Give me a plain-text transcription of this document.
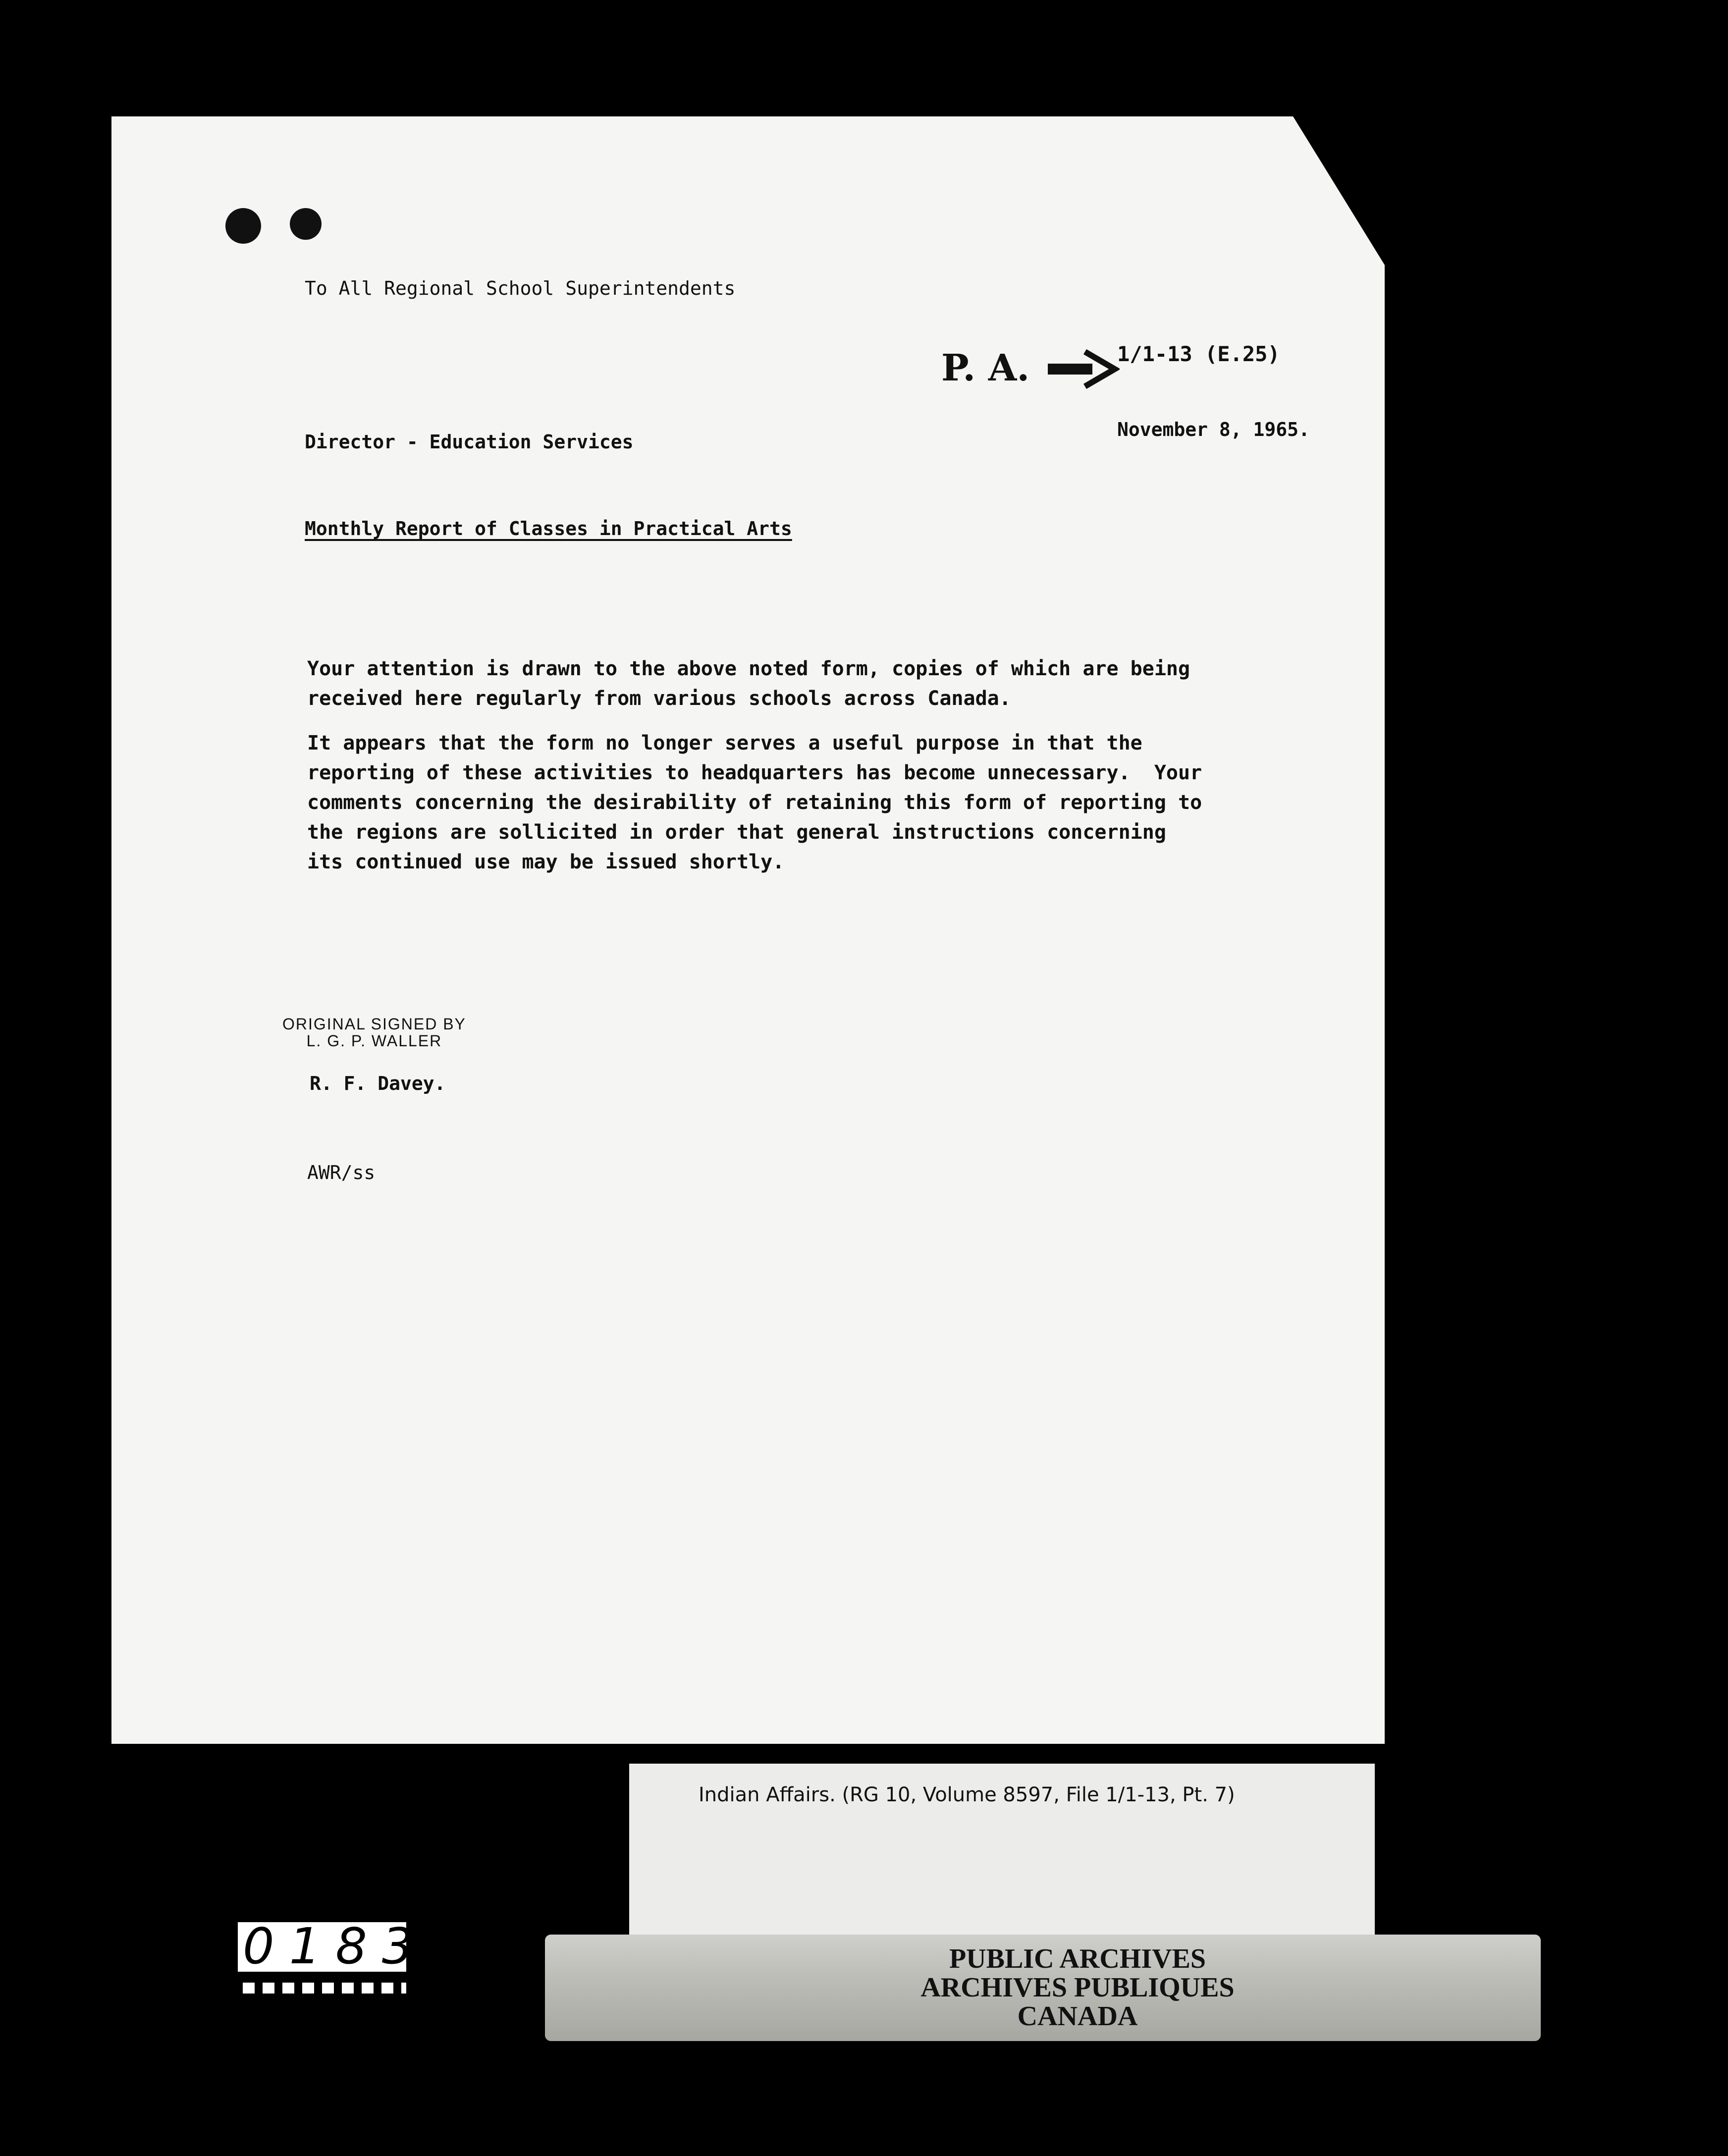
To All Regional School Superintendents
P. A.	1/1-13 (E.25)
Director - Education Services
November 8, 1965.
Monthly Report of Classes in Practical Arts
Your attention is drawn to the above noted form, copies of which are being
received here regularly from various schools across Canada.
It appears that the form no longer serves a useful purpose in that the
reporting of these activities to headquarters has become unnecessary.  Your
comments concerning the desirability of retaining this form of reporting to
the regions are sollicited in order that general instructions concerning
its continued use may be issued shortly.
ORIGINAL SIGNED BY
L. G. P. WALLER
R. F. Davey.
AWR/ss
Indian Affairs. (RG 10, Volume 8597, File 1/1-13, Pt. 7)
PUBLIC ARCHIVES
ARCHIVES PUBLIQUES
CANADA
0183
